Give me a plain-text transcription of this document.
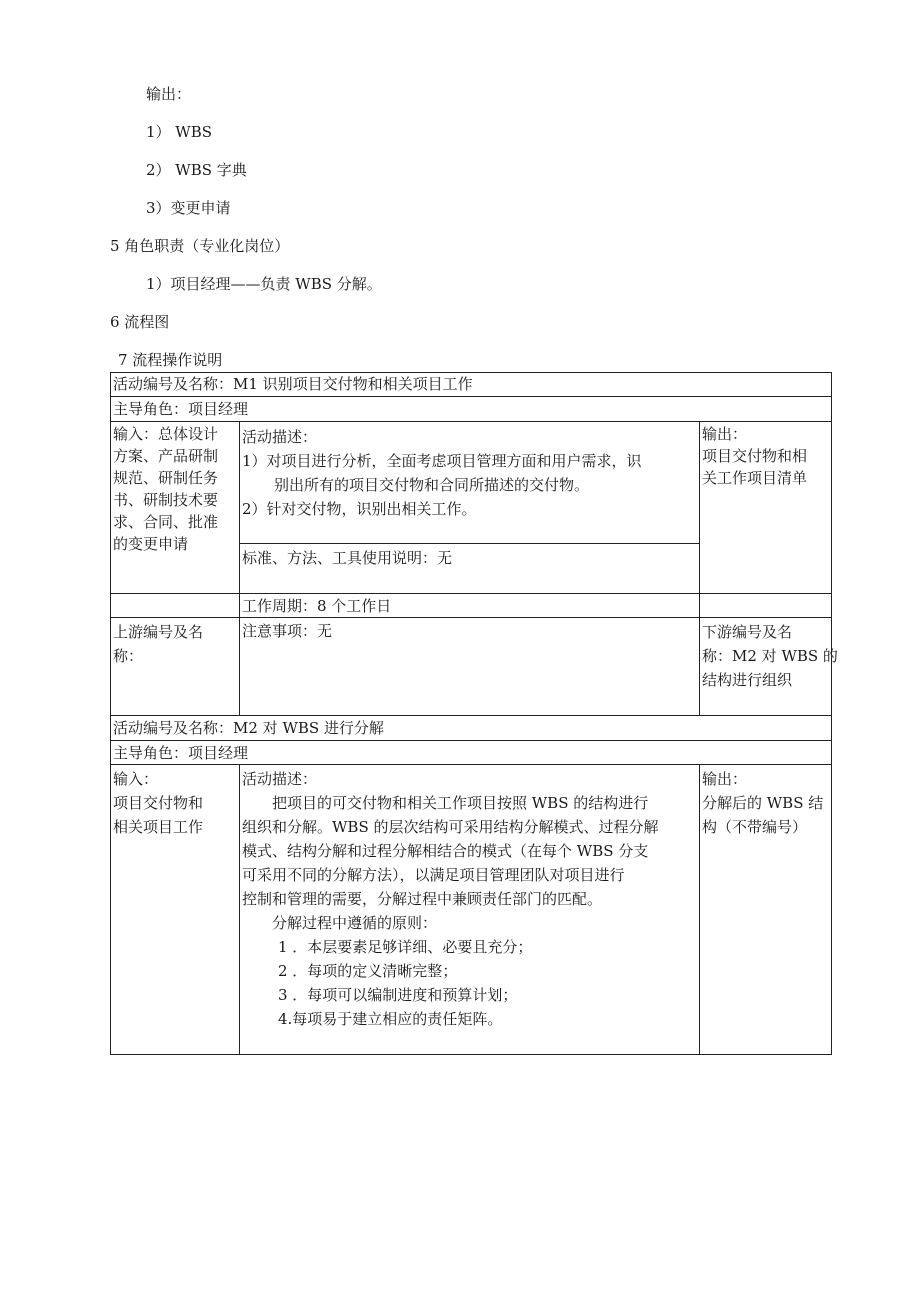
输出：
1） WBS
2） WBS 字典
3）变更申请
5 角色职责（专业化岗位）
1）项目经理——负责 WBS 分解。
6 流程图
7 流程操作说明
活动编号及名称：M1 识别项目交付物和相关项目工作
主导角色：项目经理
输入：总体设计
方案、产品研制
规范、研制任务
书、研制技术要
求、合同、批准
的变更申请
活动描述：
1）对项目进行分析，全面考虑项目管理方面和用户需求，识
别出所有的项目交付物和合同所描述的交付物。
2）针对交付物，识别出相关工作。
输出：
项目交付物和相
关工作项目清单
标准、方法、工具使用说明：无
工作周期：8 个工作日
上游编号及名
称：
注意事项：无	下游编号及名
称：M2 对 WBS 的
结构进行组织
活动编号及名称：M2 对 WBS 进行分解
主导角色：项目经理
输入：
项目交付物和
相关项目工作
活动描述：
把项目的可交付物和相关工作项目按照 WBS 的结构进行
组织和分解。WBS 的层次结构可采用结构分解模式、过程分解
模式、结构分解和过程分解相结合的模式（在每个 WBS 分支
可采用不同的分解方法），以满足项目管理团队对项目进行
控制和管理的需要，分解过程中兼顾责任部门的匹配。
分解过程中遵循的原则：
1 ．本层要素足够详细、必要且充分；
2 ．每项的定义清晰完整；
3 ．每项可以编制进度和预算计划；
4.每项易于建立相应的责任矩阵。
输出：
分解后的 WBS 结
构（不带编号）
